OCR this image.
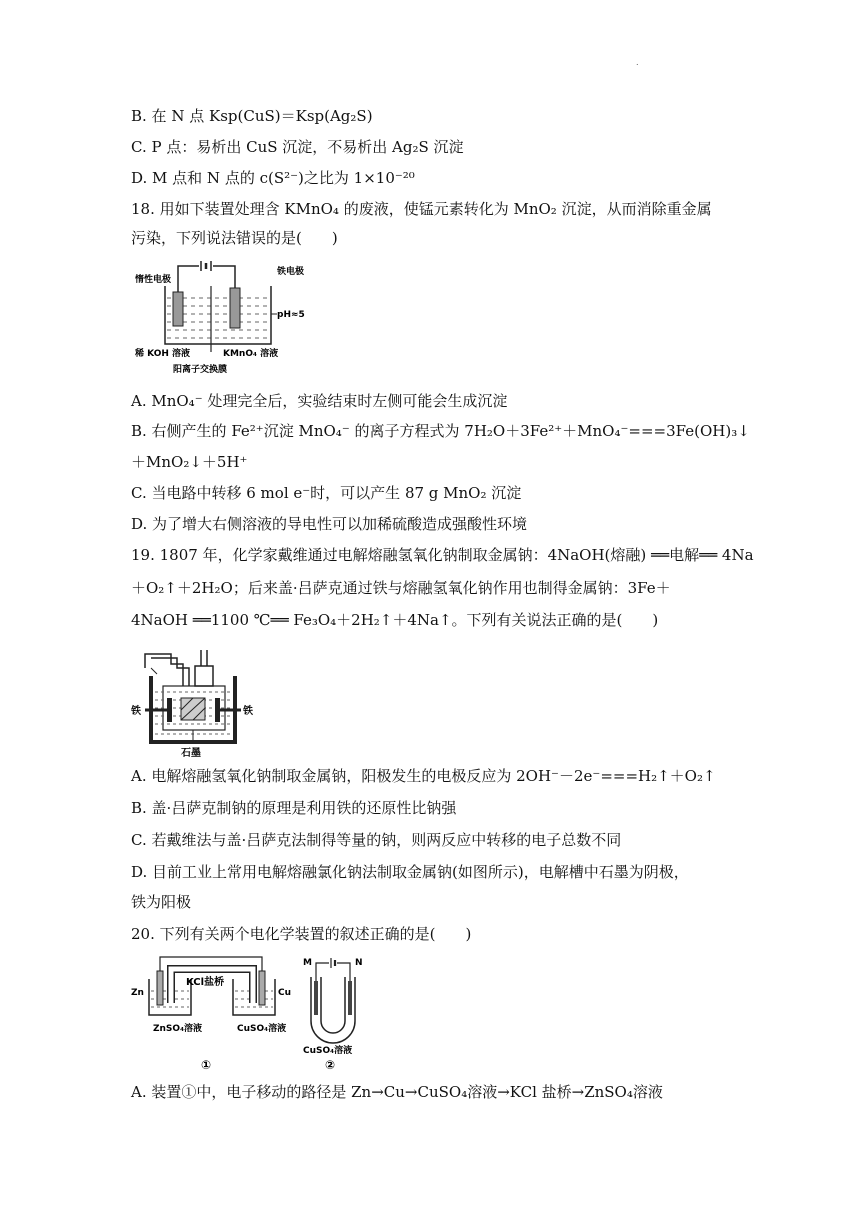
.
B. 在 N 点 Ksp(CuS)＝Ksp(Ag₂S)
C. P 点：易析出 CuS 沉淀，不易析出 Ag₂S 沉淀
D. M 点和 N 点的 c(S²⁻)之比为 1×10⁻²⁰
18. 用如下装置处理含 KMnO₄ 的废液，使锰元素转化为 MnO₂ 沉淀，从而消除重金属
污染，下列说法错误的是(　　)
惰性电极
铁电极
pH≈5
稀 KOH 溶液	KMnO₄ 溶液
阳离子交换膜
A. MnO₄⁻ 处理完全后，实验结束时左侧可能会生成沉淀
B. 右侧产生的 Fe²⁺沉淀 MnO₄⁻ 的离子方程式为 7H₂O＋3Fe²⁺＋MnO₄⁻===3Fe(OH)₃↓
＋MnO₂↓＋5H⁺
C. 当电路中转移 6 mol e⁻时，可以产生 87 g MnO₂ 沉淀
D. 为了增大右侧溶液的导电性可以加稀硫酸造成强酸性环境
19. 1807 年，化学家戴维通过电解熔融氢氧化钠制取金属钠：4NaOH(熔融) ══电解══ 4Na
＋O₂↑＋2H₂O；后来盖·吕萨克通过铁与熔融氢氧化钠作用也制得金属钠：3Fe＋
4NaOH ══1100 ℃══ Fe₃O₄＋2H₂↑＋4Na↑。下列有关说法正确的是(　　)
铁	铁
石墨
A. 电解熔融氢氧化钠制取金属钠，阳极发生的电极反应为 2OH⁻－2e⁻===H₂↑＋O₂↑
B. 盖·吕萨克制钠的原理是利用铁的还原性比钠强
C. 若戴维法与盖·吕萨克法制得等量的钠，则两反应中转移的电子总数不同
D. 目前工业上常用电解熔融氯化钠法制取金属钠(如图所示)，电解槽中石墨为阴极，
铁为阳极
20. 下列有关两个电化学装置的叙述正确的是(　　)
KCl盐桥
Zn	Cu
ZnSO₄溶液	CuSO₄溶液
①
M	N
CuSO₄溶液
②
A. 装置①中，电子移动的路径是 Zn→Cu→CuSO₄溶液→KCl 盐桥→ZnSO₄溶液
